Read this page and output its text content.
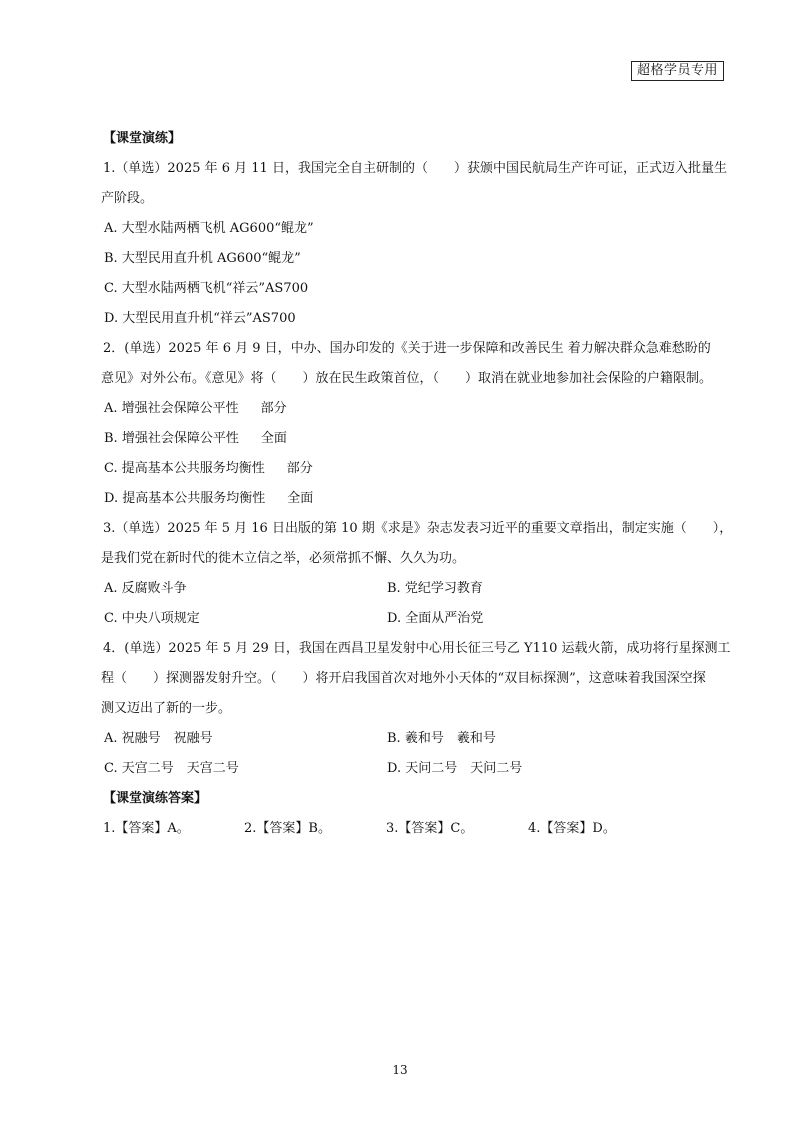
超格学员专用
【课堂演练】
1.（单选）2025 年 6 月 11 日，我国完全自主研制的（　　）获颁中国民航局生产许可证，正式迈入批量生
产阶段。
A. 大型水陆两栖飞机 AG600“鲲龙”
B. 大型民用直升机 AG600“鲲龙”
C. 大型水陆两栖飞机“祥云”AS700
D. 大型民用直升机“祥云”AS700
2．(单选）2025 年 6 月 9 日，中办、国办印发的《关于进一步保障和改善民生 着力解决群众急难愁盼的
意见》对外公布。《意见》将（　　）放在民生政策首位，（　　）取消在就业地参加社会保险的户籍限制。
A. 增强社会保障公平性 部分
B. 增强社会保障公平性 全面
C. 提高基本公共服务均衡性 部分
D. 提高基本公共服务均衡性 全面
3.（单选）2025 年 5 月 16 日出版的第 10 期《求是》杂志发表习近平的重要文章指出，制定实施（　　），
是我们党在新时代的徙木立信之举，必须常抓不懈、久久为功。
A. 反腐败斗争	B. 党纪学习教育
C. 中央八项规定	D. 全面从严治党
4．(单选）2025 年 5 月 29 日，我国在西昌卫星发射中心用长征三号乙 Y110 运载火箭，成功将行星探测工
程（　　）探测器发射升空。（　　）将开启我国首次对地外小天体的“双目标探测”，这意味着我国深空探
测又迈出了新的一步。
A. 祝融号　祝融号	B. 羲和号　羲和号
C. 天宫二号　天宫二号	D. 天问二号　天问二号
【课堂演练答案】
1.【答案】A。	2.【答案】B。	3.【答案】C。	4.【答案】D。
13
